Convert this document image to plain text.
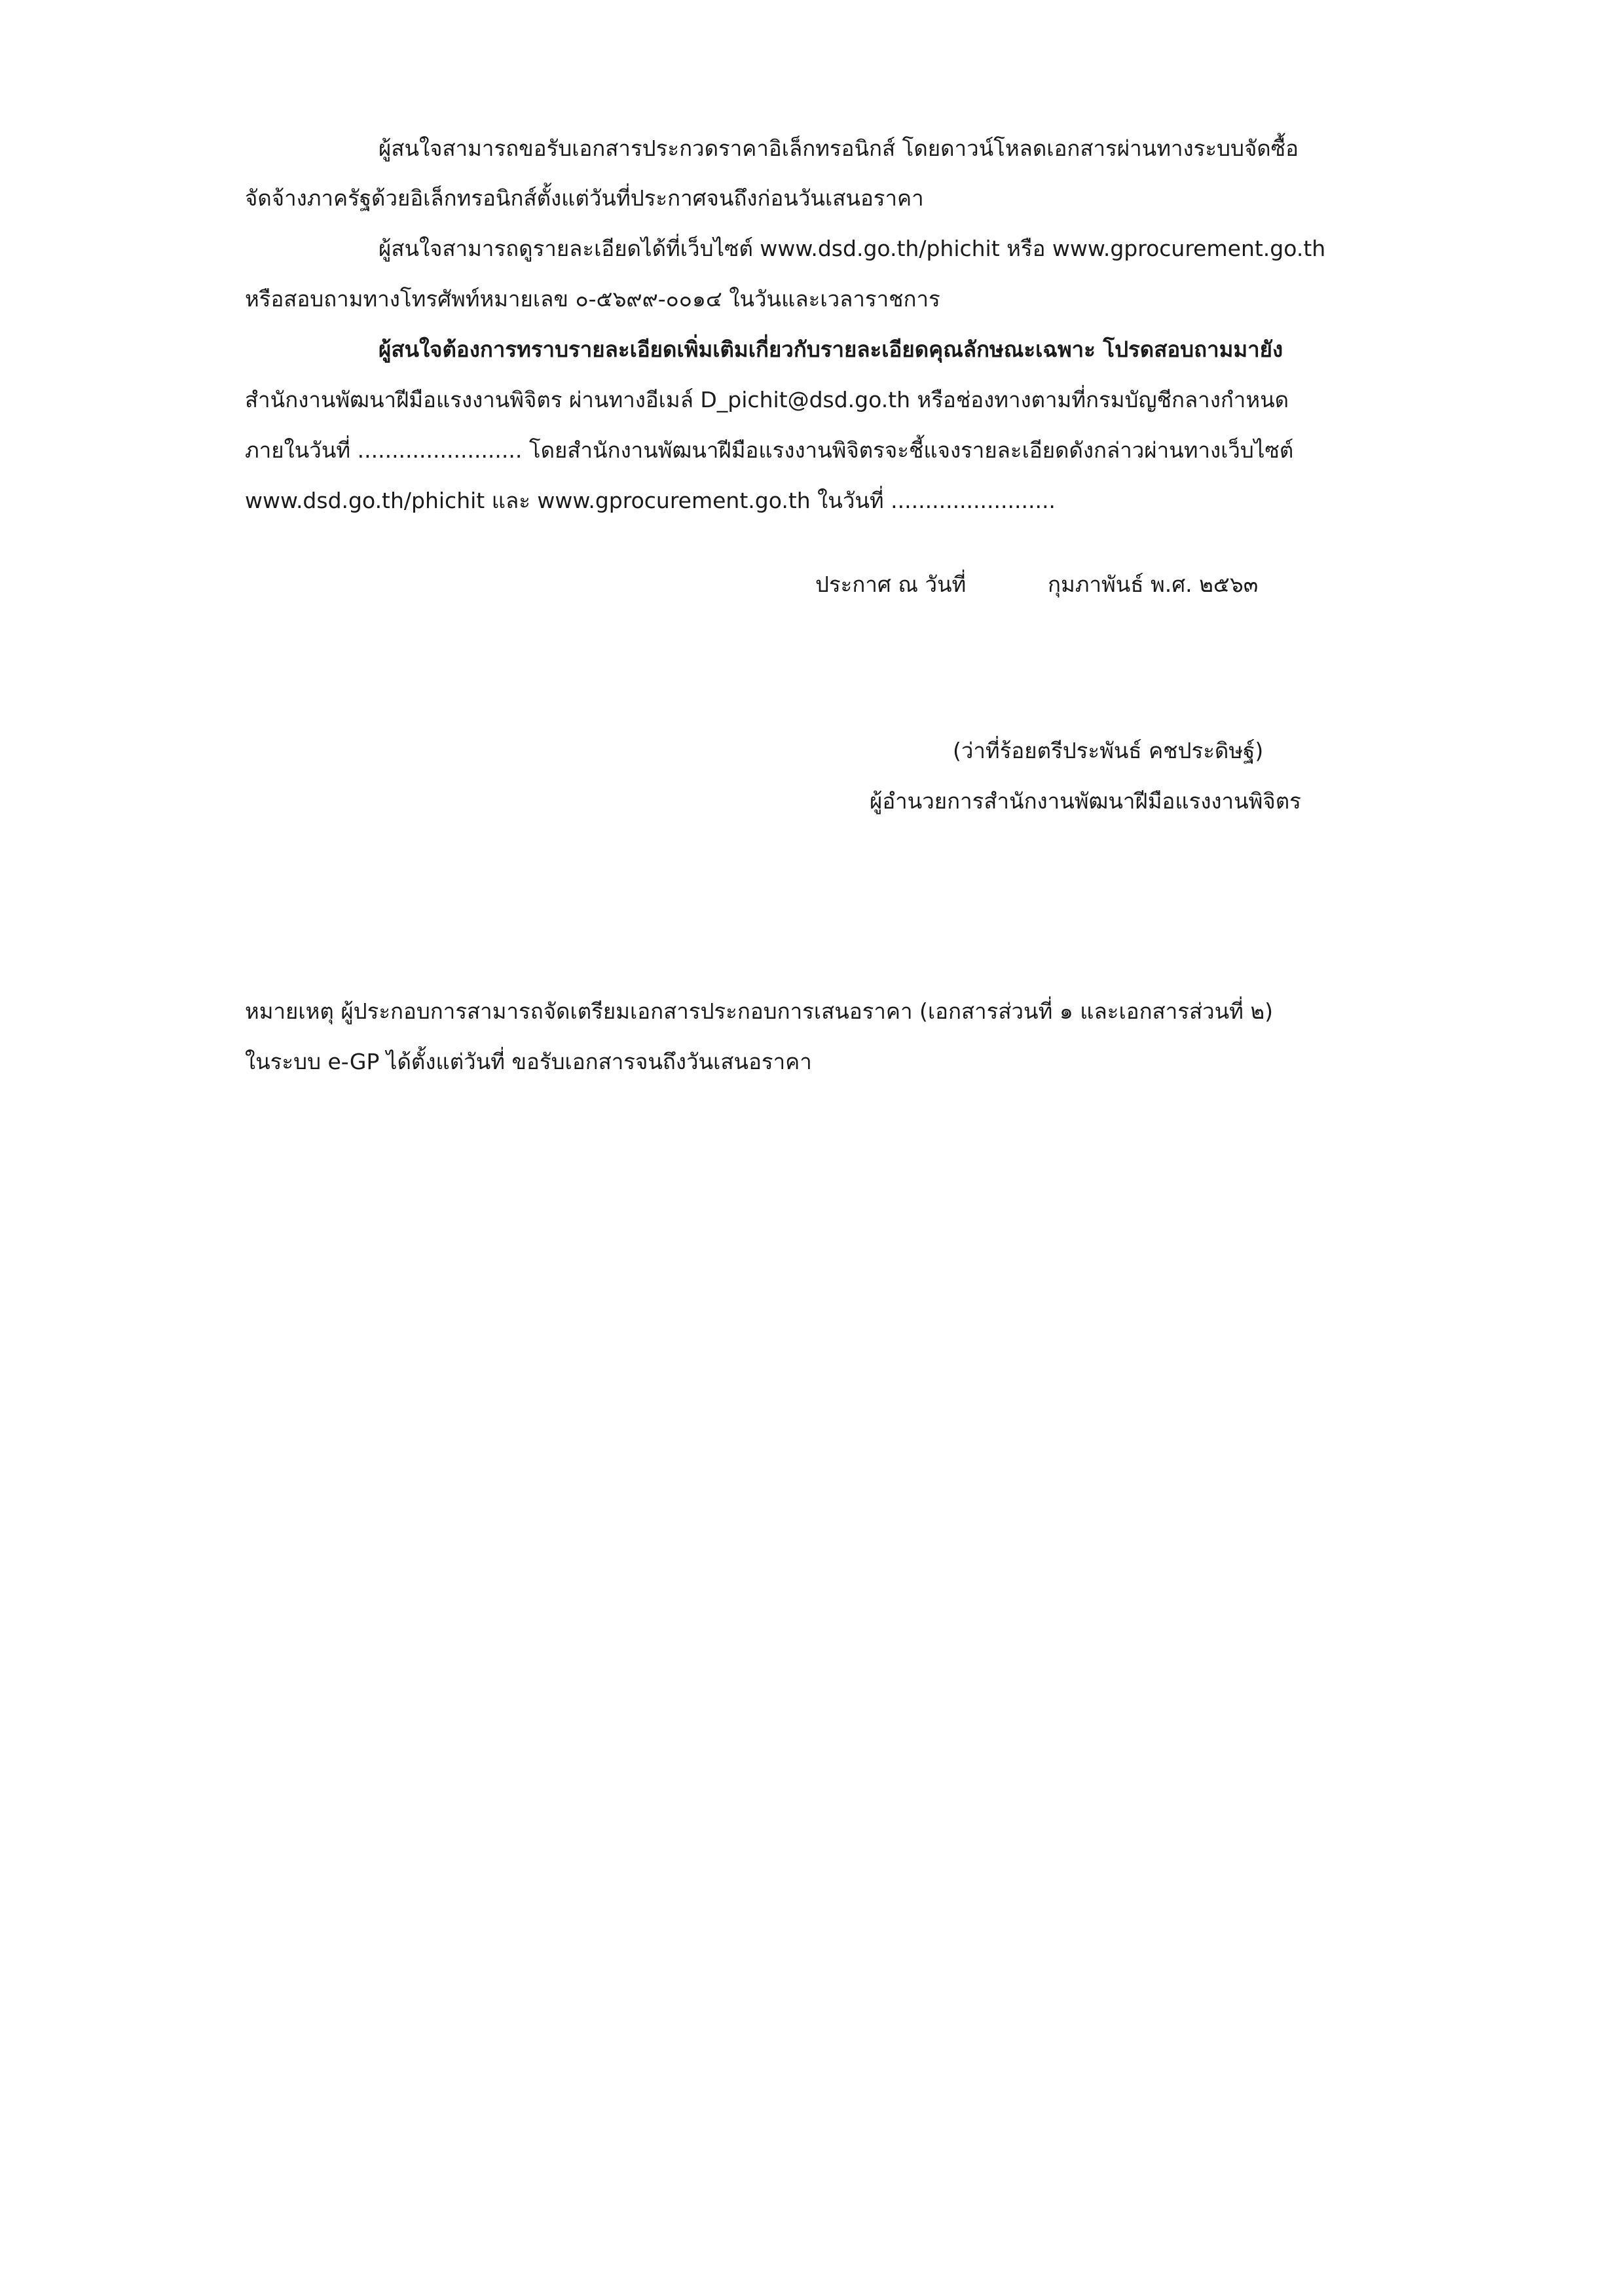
ผู้สนใจสามารถขอรับเอกสารประกวดราคาอิเล็กทรอนิกส์ โดยดาวน์โหลดเอกสารผ่านทางระบบจัดซื้อ
จัดจ้างภาครัฐด้วยอิเล็กทรอนิกส์ตั้งแต่วันที่ประกาศจนถึงก่อนวันเสนอราคา
ผู้สนใจสามารถดูรายละเอียดได้ที่เว็บไซต์ www.dsd.go.th/phichit หรือ www.gprocurement.go.th
หรือสอบถามทางโทรศัพท์หมายเลข ๐-๕๖๙๙-๐๐๑๔ ในวันและเวลาราชการ
ผู้สนใจต้องการทราบรายละเอียดเพิ่มเติมเกี่ยวกับรายละเอียดคุณลักษณะเฉพาะ โปรดสอบถามมายัง
สำนักงานพัฒนาฝีมือแรงงานพิจิตร ผ่านทางอีเมล์ D_pichit@dsd.go.th หรือช่องทางตามที่กรมบัญชีกลางกำหนด
ภายในวันที่ ........................ โดยสำนักงานพัฒนาฝีมือแรงงานพิจิตรจะชี้แจงรายละเอียดดังกล่าวผ่านทางเว็บไซต์
www.dsd.go.th/phichit และ www.gprocurement.go.th ในวันที่ ........................
ประกาศ ณ วันที่	กุมภาพันธ์ พ.ศ. ๒๕๖๓
(ว่าที่ร้อยตรีประพันธ์ คชประดิษฐ์)
ผู้อำนวยการสำนักงานพัฒนาฝีมือแรงงานพิจิตร
หมายเหตุ ผู้ประกอบการสามารถจัดเตรียมเอกสารประกอบการเสนอราคา (เอกสารส่วนที่ ๑ และเอกสารส่วนที่ ๒)
ในระบบ e-GP ได้ตั้งแต่วันที่ ขอรับเอกสารจนถึงวันเสนอราคา
